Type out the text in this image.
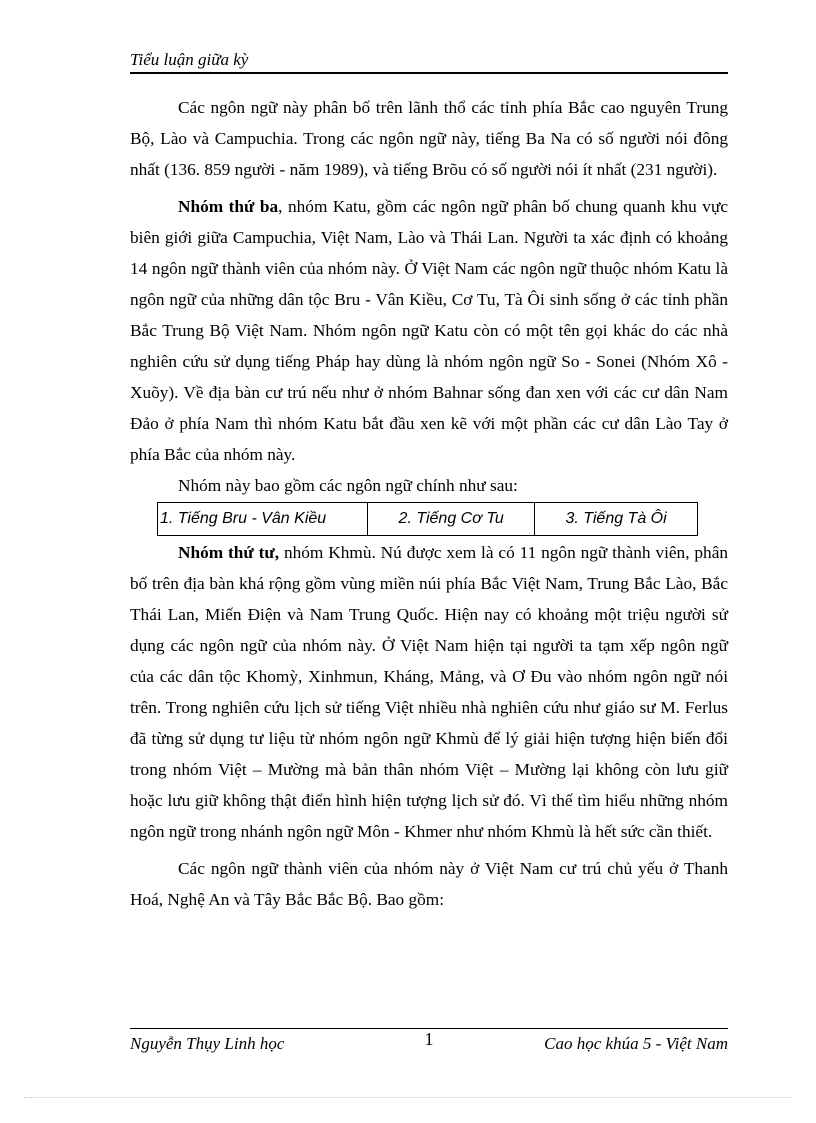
Tiểu luận giữa kỳ

Các ngôn ngữ này phân bố trên lãnh thổ các tỉnh phía Bắc cao nguyên Trung Bộ, Lào và Campuchia. Trong các ngôn ngữ này, tiếng Ba Na có số người nói đông nhất (136. 859 người - năm 1989), và tiếng Brõu có số người nói ít nhất (231 người).

Nhóm thứ ba, nhóm Katu, gồm các ngôn ngữ phân bố chung quanh khu vực biên giới giữa Campuchia, Việt Nam, Lào và Thái Lan. Người ta xác định có khoảng 14 ngôn ngữ thành viên của nhóm này. Ở Việt Nam các ngôn ngữ thuộc nhóm Katu là ngôn ngữ của những dân tộc Bru - Vân Kiều, Cơ Tu, Tà Ôi sinh sống ở các tỉnh phần Bắc Trung Bộ Việt Nam. Nhóm ngôn ngữ Katu còn có một tên gọi khác do các nhà nghiên cứu sử dụng tiếng Pháp hay dùng là nhóm ngôn ngữ So - Sonei (Nhóm Xô - Xuõy). Về địa bàn cư trú nếu như ở nhóm Bahnar sống đan xen với các cư dân Nam Đảo ở phía Nam thì nhóm Katu bắt đầu xen kẽ với một phần các cư dân Lào Tay ở phía Bắc của nhóm này.

Nhóm này bao gồm các ngôn ngữ chính như sau:

1. Tiếng Bru - Vân Kiều	2. Tiếng Cơ Tu	3. Tiếng Tà Ôi

Nhóm thứ tư, nhóm Khmù. Nú được xem là có 11 ngôn ngữ thành viên, phân bố trên địa bàn khá rộng gồm vùng miền núi phía Bắc Việt Nam, Trung Bắc Lào, Bắc Thái Lan, Miến Điện và Nam Trung Quốc. Hiện nay có khoảng một triệu người sử dụng các ngôn ngữ của nhóm này. Ở Việt Nam hiện tại người ta tạm xếp ngôn ngữ của các dân tộc Khomỳ, Xinhmun, Kháng, Mảng, và Ơ Đu vào nhóm ngôn ngữ nói trên. Trong nghiên cứu lịch sử tiếng Việt nhiều nhà nghiên cứu như giáo sư M. Ferlus đã từng sử dụng tư liệu từ nhóm ngôn ngữ Khmù để lý giải hiện tượng hiện biến đổi trong nhóm Việt – Mường mà bản thân nhóm Việt – Mường lại không còn lưu giữ hoặc lưu giữ không thật điển hình hiện tượng lịch sử đó. Vì thế tìm hiểu những nhóm ngôn ngữ trong nhánh ngôn ngữ Môn - Khmer như nhóm Khmù là hết sức cần thiết.

Các ngôn ngữ thành viên của nhóm này ở Việt Nam cư trú chủ yếu ở Thanh Hoá, Nghệ An và Tây Bắc Bắc Bộ. Bao gồm:

Nguyễn Thụy Linh học	1	Cao học khúa 5 - Việt Nam
